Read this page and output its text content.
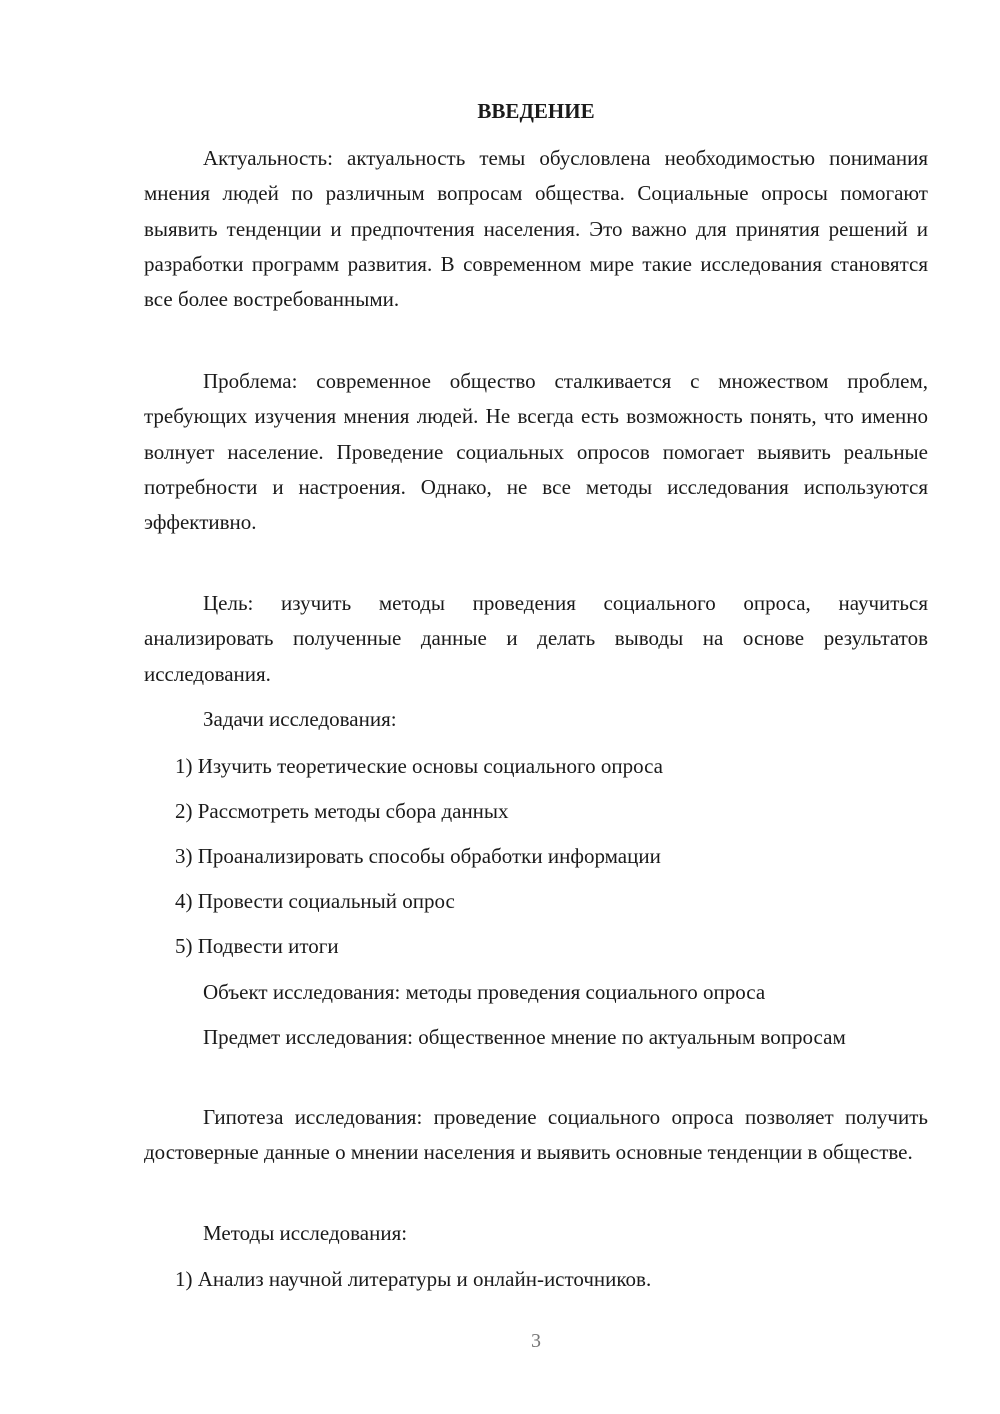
ВВЕДЕНИЕ

Актуальность: актуальность темы обусловлена необходимостью понимания мнения людей по различным вопросам общества. Социальные опросы помогают выявить тенденции и предпочтения населения. Это важно для принятия решений и разработки программ развития. В современном мире такие исследования становятся все более востребованными.

Проблема: современное общество сталкивается с множеством проблем, требующих изучения мнения людей. Не всегда есть возможность понять, что именно волнует население. Проведение социальных опросов помогает выявить реальные потребности и настроения. Однако, не все методы исследования используются эффективно.

Цель: изучить методы проведения социального опроса, научиться анализировать полученные данные и делать выводы на основе результатов исследования.

Задачи исследования:

1) Изучить теоретические основы социального опроса

2) Рассмотреть методы сбора данных

3) Проанализировать способы обработки информации

4) Провести социальный опрос

5) Подвести итоги

Объект исследования: методы проведения социального опроса

Предмет исследования: общественное мнение по актуальным вопросам

Гипотеза исследования: проведение социального опроса позволяет получить достоверные данные о мнении населения и выявить основные тенденции в обществе.

Методы исследования:

1) Анализ научной литературы и онлайн-источников.

3
